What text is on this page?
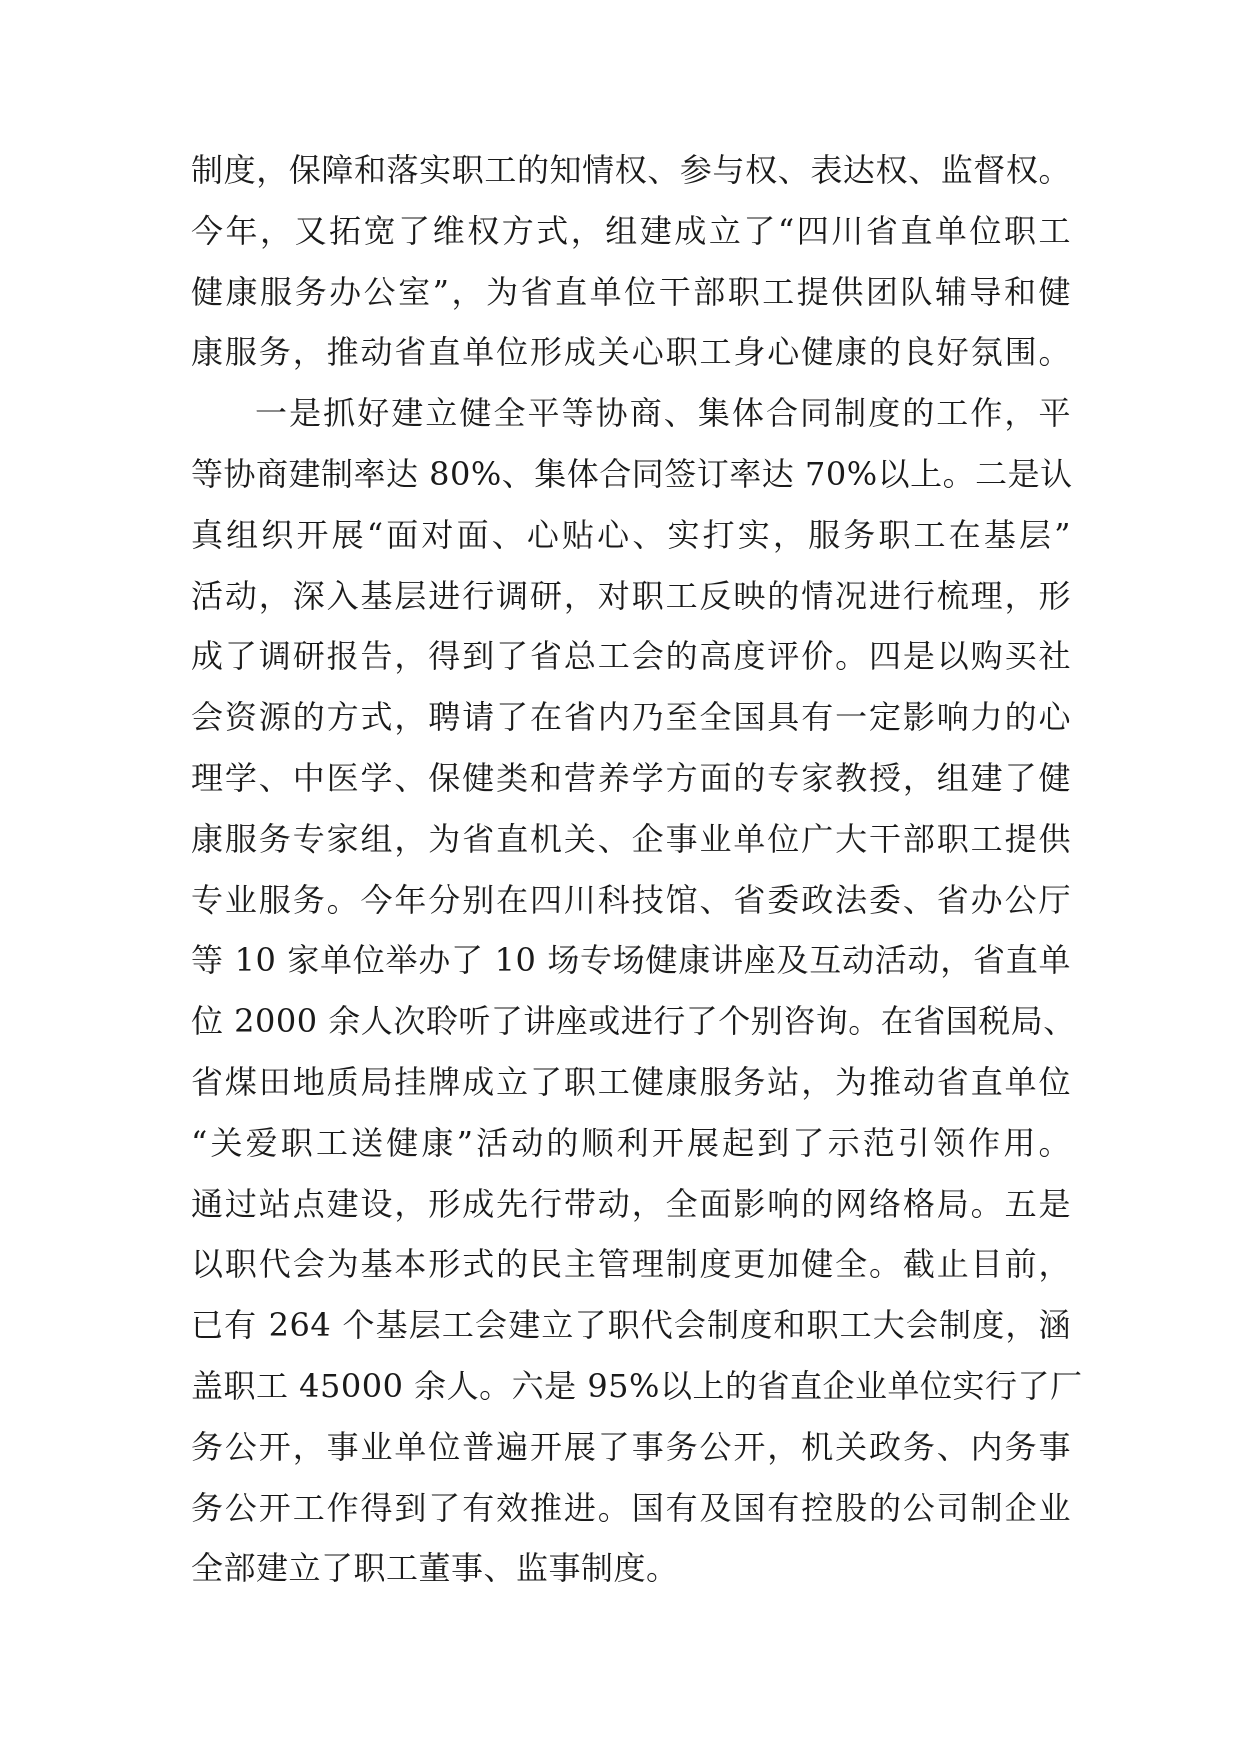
制度，保障和落实职工的知情权、参与权、表达权、监督权。
今年，又拓宽了维权方式，组建成立了“四川省直单位职工
健康服务办公室”，为省直单位干部职工提供团队辅导和健
康服务，推动省直单位形成关心职工身心健康的良好氛围。
一是抓好建立健全平等协商、集体合同制度的工作，平
等协商建制率达 80%、集体合同签订率达 70%以上。二是认
真组织开展“面对面、心贴心、实打实，服务职工在基层”
活动，深入基层进行调研，对职工反映的情况进行梳理，形
成了调研报告，得到了省总工会的高度评价。四是以购买社
会资源的方式，聘请了在省内乃至全国具有一定影响力的心
理学、中医学、保健类和营养学方面的专家教授，组建了健
康服务专家组，为省直机关、企事业单位广大干部职工提供
专业服务。今年分别在四川科技馆、省委政法委、省办公厅
等 10 家单位举办了 10 场专场健康讲座及互动活动，省直单
位 2000 余人次聆听了讲座或进行了个别咨询。在省国税局、
省煤田地质局挂牌成立了职工健康服务站，为推动省直单位
“关爱职工送健康”活动的顺利开展起到了示范引领作用。
通过站点建设，形成先行带动，全面影响的网络格局。五是
以职代会为基本形式的民主管理制度更加健全。截止目前，
已有 264 个基层工会建立了职代会制度和职工大会制度，涵
盖职工 45000 余人。六是 95%以上的省直企业单位实行了厂
务公开，事业单位普遍开展了事务公开，机关政务、内务事
务公开工作得到了有效推进。国有及国有控股的公司制企业
全部建立了职工董事、监事制度。
